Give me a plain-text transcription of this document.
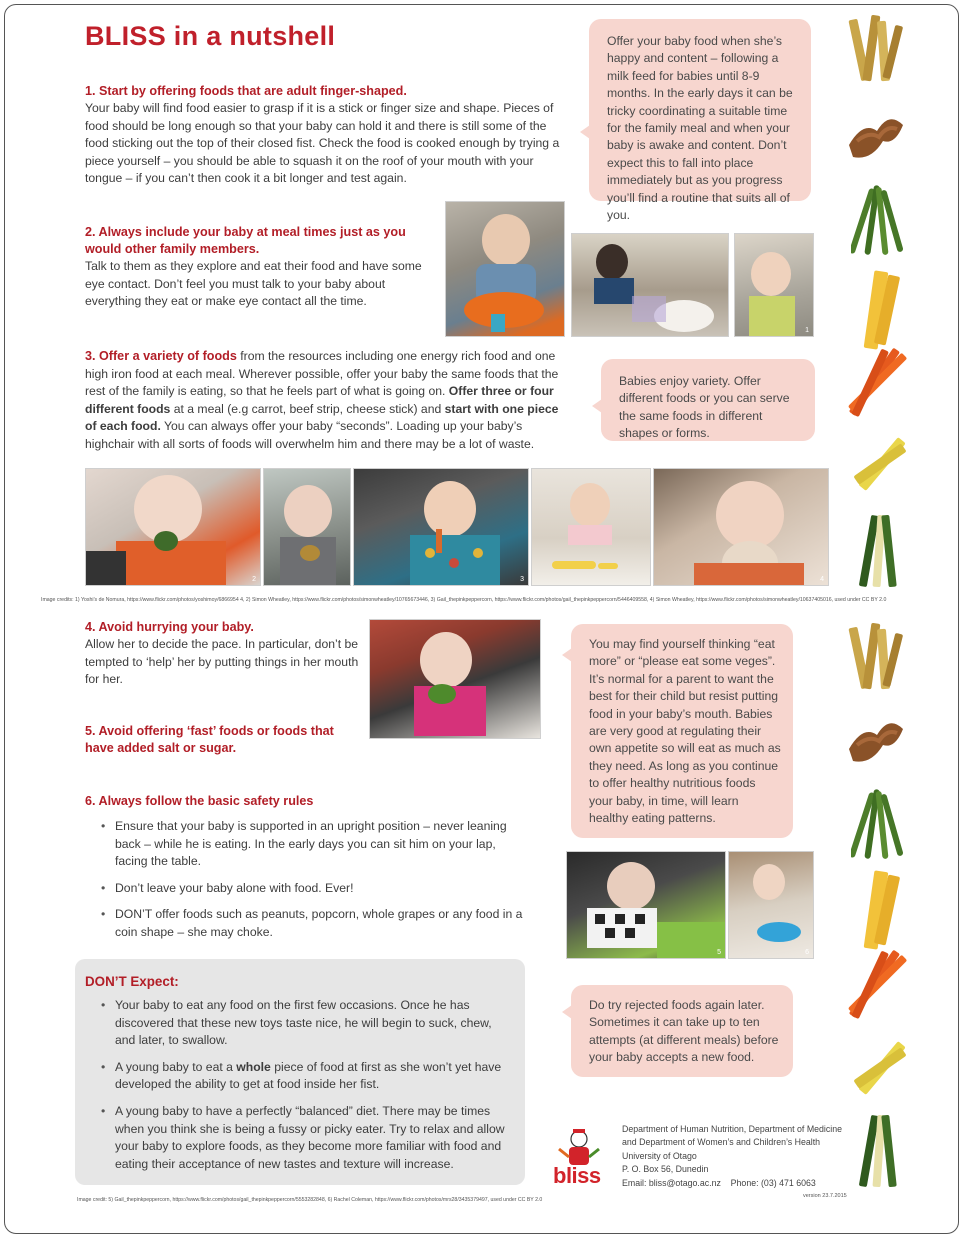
BLISS in a nutshell
1. Start by offering foods that are adult finger-shaped.
Your baby will find food easier to grasp if it is a stick or finger size and shape. Pieces of food should be long enough so that your baby can hold it and there is still some of the food sticking out the top of their closed fist. Check the food is cooked enough by trying a piece yourself – you should be able to squash it on the roof of your mouth with your tongue – if you can’t then cook it a bit longer and test again.
Offer your baby food when she’s happy and content – following a milk feed for babies until 8-9 months. In the early days it can be tricky coordinating a suitable time for the family meal and when your baby is awake and content. Don’t expect this to fall into place immediately but as you progress you’ll find a routine that suits all of you.
2. Always include your baby at meal times just as you would other family members.
Talk to them as they explore and eat their food and have some eye contact. Don’t feel you must talk to your baby about everything they eat or make eye contact all the time.
1
3. Offer a variety of foods from the resources including one energy rich food and one high iron food at each meal. Wherever possible, offer your baby the same foods that the rest of the family is eating, so that he feels part of what is going on. Offer three or four different foods at a meal (e.g carrot, beef strip, cheese stick) and start with one piece of each food. You can always offer your baby “seconds”. Loading up your baby’s highchair with all sorts of foods will overwhelm him and there may be a lot of waste.
Babies enjoy variety. Offer different foods or you can serve the same foods in different shapes or forms.
2	3	4
Image credits: 1) Yoshi’s de Nomura, https://www.flickr.com/photos/yoshimoy/6866954 4, 2) Simon Wheatley, https://www.flickr.com/photos/simonwheatley/10765673446, 3) Gail_thepinkpeppercorn, https://www.flickr.com/photos/gail_thepinkpeppercorn/5446409558, 4) Simon Wheatley, https://www.flickr.com/photos/simonwheatley/10637405016, used under CC BY 2.0
4. Avoid hurrying your baby.
Allow her to decide the pace. In particular, don’t be tempted to ‘help’ her by putting things in her mouth for her.
5. Avoid offering ‘fast’ foods or foods that have added salt or sugar.
You may find yourself thinking “eat more” or “please eat some veges”. It’s normal for a parent to want the best for their child but resist putting food in your baby’s mouth. Babies are very good at regulating their own appetite so will eat as much as they need. As long as you continue to offer healthy nutritious foods your baby, in time, will learn healthy eating patterns.
6. Always follow the basic safety rules
• Ensure that your baby is supported in an upright position – never leaning back – while he is eating. In the early days you can sit him on your lap, facing the table.
• Don’t leave your baby alone with food. Ever!
• DON’T offer foods such as peanuts, popcorn, whole grapes or any food in a coin shape – she may choke.
5	6
DON’T Expect:
• Your baby to eat any food on the first few occasions. Once he has discovered that these new toys taste nice, he will begin to suck, chew, and later, to swallow.
• A young baby to eat a whole piece of food at first as she won’t yet have developed the ability to get at food inside her fist.
• A young baby to have a perfectly “balanced” diet. There may be times when you think she is being a fussy or picky eater. Try to relax and allow your baby to explore foods, as they become more familiar with food and eating their acceptance of new tastes and texture will increase.
Do try rejected foods again later. Sometimes it can take up to ten attempts (at different meals) before your baby accepts a new food.
bliss
Department of Human Nutrition, Department of Medicine
and Department of Women’s and Children’s Health
University of Otago
P. O. Box 56, Dunedin
Email: bliss@otago.ac.nz    Phone: (03) 471 6063
version 23.7.2015
Image credit: 5) Gail_thepinkpeppercorn, https://www.flickr.com/photos/gail_thepinkpeppercorn/5553282848, 6) Rachel Coleman, https://www.flickr.com/photos/mrs28/3435379497, used under CC BY 2.0
